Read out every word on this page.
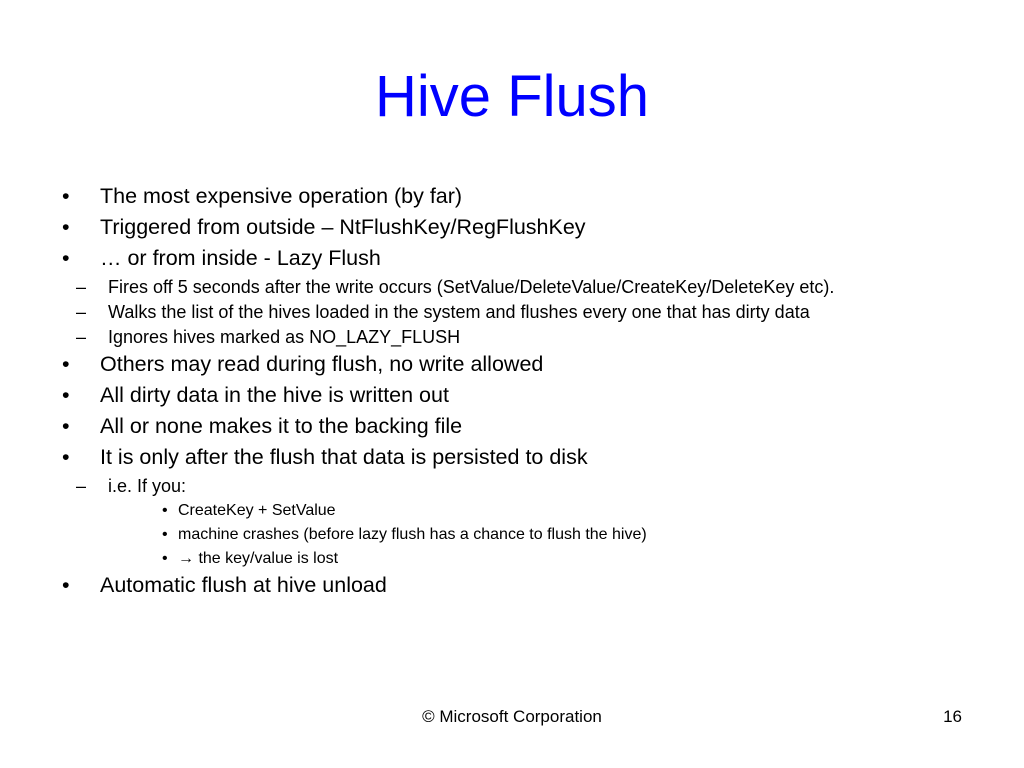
Hive Flush
• The most expensive operation (by far)
• Triggered from outside – NtFlushKey/RegFlushKey
• … or from inside - Lazy Flush
– Fires off 5 seconds after the write occurs (SetValue/DeleteValue/CreateKey/DeleteKey etc).
– Walks the list of the hives loaded in the system and flushes every one that has dirty data
– Ignores hives marked as NO_LAZY_FLUSH
• Others may read during flush, no write allowed
• All dirty data in the hive is written out
• All or none makes it to the backing file
• It is only after the flush that data is persisted to disk
– i.e. If you:
• CreateKey + SetValue
• machine crashes (before lazy flush has a chance to flush the hive)
• → the key/value is lost
• Automatic flush at hive unload
© Microsoft Corporation	16
